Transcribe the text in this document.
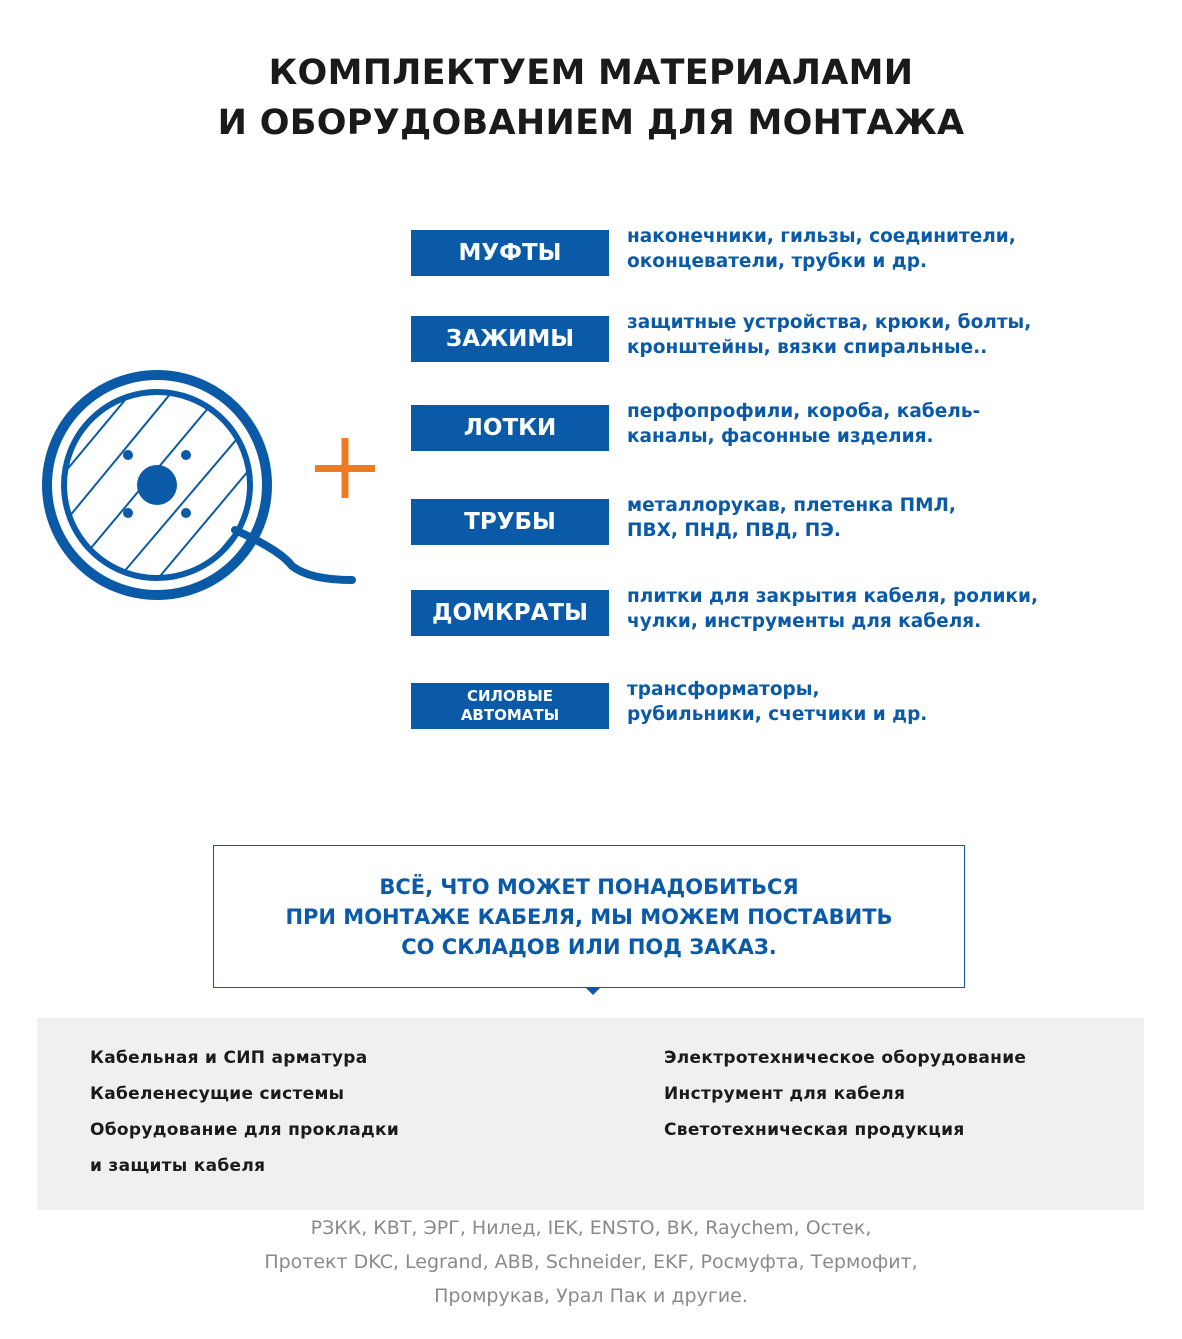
КОМПЛЕКТУЕМ МАТЕРИАЛАМИ
И ОБОРУДОВАНИЕМ ДЛЯ МОНТАЖА
МУФТЫ
наконечники, гильзы, соединители,
оконцеватели, трубки и др.
ЗАЖИМЫ
защитные устройства, крюки, болты,
кронштейны, вязки спиральные..
ЛОТКИ
перфопрофили, короба, кабель-
каналы, фасонные изделия.
ТРУБЫ
металлорукав, плетенка ПМЛ,
ПВХ, ПНД, ПВД, ПЭ.
ДОМКРАТЫ
плитки для закрытия кабеля, ролики,
чулки, инструменты для кабеля.
СИЛОВЫЕ
АВТОМАТЫ
трансформаторы,
рубильники, счетчики и др.
ВСЁ, ЧТО МОЖЕТ ПОНАДОБИТЬСЯ
ПРИ МОНТАЖЕ КАБЕЛЯ, МЫ МОЖЕМ ПОСТАВИТЬ
СО СКЛАДОВ ИЛИ ПОД ЗАКАЗ.
Кабельная и СИП арматура
Кабеленесущие системы
Оборудование для прокладки
и защиты кабеля
Электротехническое оборудование
Инструмент для кабеля
Светотехническая продукция
РЗКК, КВТ, ЭРГ, Нилед, IEK, ENSTO, ВК, Raychem, Остек,
Протект DKC, Legrand, ABB, Schneider, EKF, Росмуфта, Термофит,
Промрукав, Урал Пак и другие.
